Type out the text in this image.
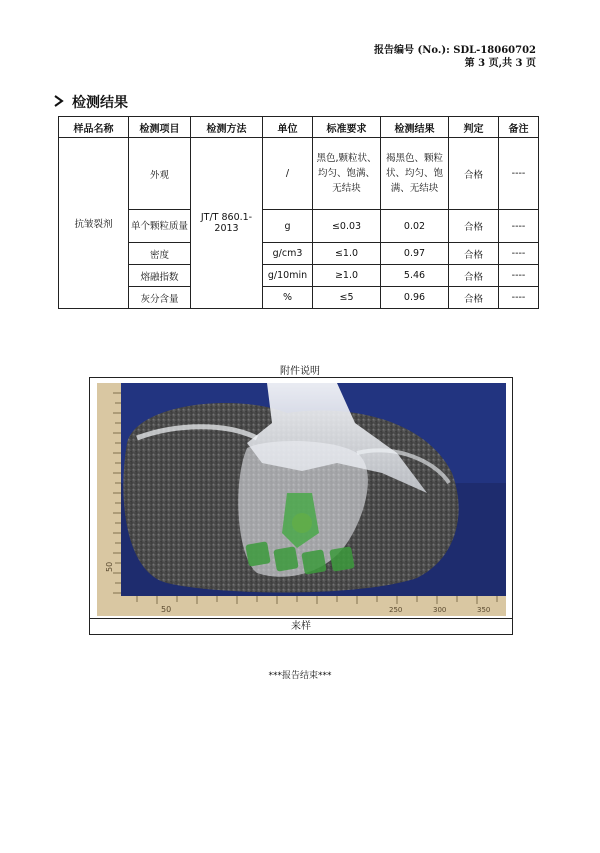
报告编号 (No.): SDL-18060702
第 3 页,共 3 页
检测结果
样品名称	检测项目	检测方法	单位	标准要求	检测结果	判定	备注
抗皱裂剂	外观	JT/T 860.1-2013	/	黑色,颗粒状、均匀、饱满、无结块	褐黑色、颗粒状、均匀、饱满、无结块	合格	----
	单个颗粒质量		g	≤0.03	0.02	合格	----
	密度		g/cm3	≤1.0	0.97	合格	----
	熔融指数		g/10min	≥1.0	5.46	合格	----
	灰分含量		%	≤5	0.96	合格	----
附件说明
50	250	300	350
50
来样
***报告结束***
